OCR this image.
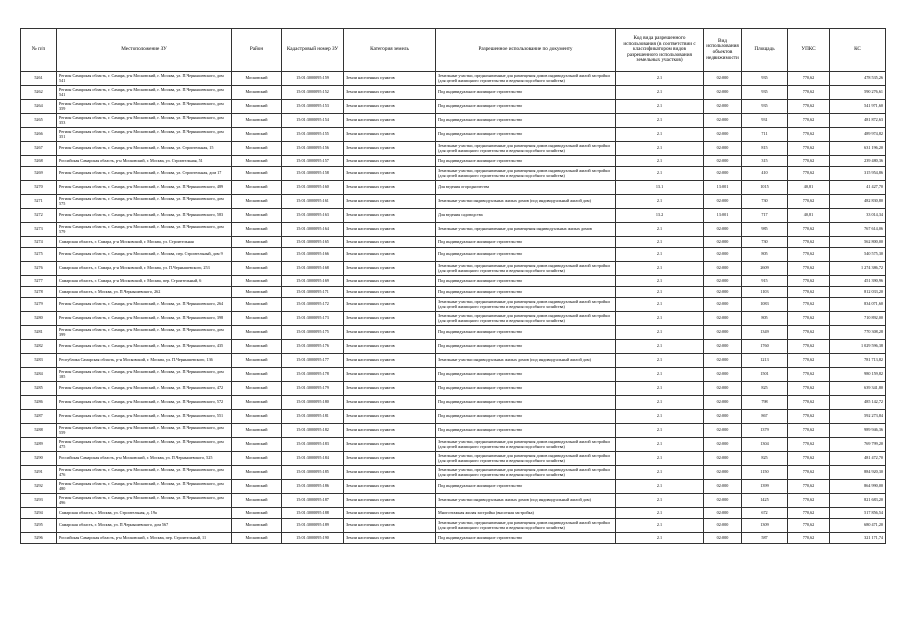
№ п/п	Местоположение ЗУ	Район	Кадастровый номер ЗУ	Категория земель	Разрешенное использование по документу	Код вида разрешенного использования (в соответствии с классификатором видов разрешенного использования земельных участков)	Вид использования объектов недвижимости	Площадь	УПКС	КС
5261	Регион Самарская область, г. Самара, р-н Московский, г. Москва, ул. П.Чернышевского, дом 541	Московский	15:01:3000095:159	Земли населенных пунктов	Земельные участки, предназначенные для размещения домов индивидуальной жилой застройки (для целей жилищного строительства и ведения подсобного хозяйства)	2.1	02:000	935	770,62	478 535,26
5262	Регион Самарская область, г. Самара, р-н Московский, г. Москва, ул. П.Чернышевского, дом 541	Московский	15:01:3000095:152	Земли населенных пунктов	Под индивидуальное жилищное строительство	2.1	02:000	935	770,62	590 276,61
5264	Регион Самарская область, г. Самара, р-н Московский, г. Москва, ул. П.Чернышевского, дом 359	Московский	15:01:3000095:153	Земли населенных пунктов	Под индивидуальное жилищное строительство	2.1	02:000	935	770,62	541 971,60
5265	Регион Самарская область, г. Самара, р-н Московский, г. Москва, ул. П.Чернышевского, дом 353	Московский	15:01:3000095:154	Земли населенных пунктов	Под индивидуальное жилищное строительство	2.1	02:000	931	770,62	481 872,63
5266	Регион Самарская область, г. Самара, р-н Московский, г. Москва, ул. П.Чернышевского, дом 351	Московский	15:01:3000095:155	Земли населенных пунктов	Под индивидуальное жилищное строительство	2.1	02:000	711	770,62	489 974,82
5267	Регион Самарская область, г. Самара, р-н Московский, г. Москва, ул. Строительная, 15	Московский	15:01:3000095:156	Земли населенных пунктов	Земельные участки, предназначенные для размещения домов индивидуальной жилой застройки (для целей жилищного строительства и ведения подсобного хозяйства)	2.1	02:000	815	770,62	631 196,20
5268	Российская Самарская область, р-н Московский, г. Москва, ул. Строительная, 51	Московский	15:01:3000095:157	Земли населенных пунктов	Под индивидуальное жилищное строительство	2.1	02:000	315	770,62	239 480,36
5269	Регион Самарская область, г. Самара, р-н Московский, г. Москва, ул. Строительная, дом 17	Московский	15:01:3000095:158	Земли населенных пунктов	Земельные участки, предназначенные для размещения домов индивидуальной жилой застройки (для целей жилищного строительства и ведения подсобного хозяйства)	2.1	02:000	410	770,62	315 954,86
5270	Регион Самарская область, г. Самара, р-н Московский, г. Москва, ул. П.Чернышевского, 489	Московский	15:01:3000095:160	Земли населенных пунктов	Для ведения огородничества	13.1	13:001	1015	40,81	41 427,70
5271	Регион Самарская область, г. Самара, р-н Московский, г. Москва, ул. П.Чернышевского, дом 575	Московский	15:01:3000095:161	Земли населенных пунктов	Земельные участки индивидуальных жилых домов (под индивидуальный жилой дом)	2.1	02:000	730	770,62	482 830,80
5272	Регион Самарская область, г. Самара, р-н Московский, г. Москва, ул. П.Чернышевского, 583	Московский	15:01:3000095:163	Земли населенных пунктов	Для ведения садоводства	13.2	13:001	717	40,81	33 014,34
5273	Регион Самарская область, г. Самара, р-н Московский, г. Москва, ул. П.Чернышевского, дом 579	Московский	15:01:3000095:164	Земли населенных пунктов	Земельные участки, предназначенные для размещения индивидуальных жилых домов	2.1	02:000	985	770,62	767 614,06
5274	Самарская область, г. Самара, р-н Московский, г. Москва, ул. Строительная	Московский	15:01:3000095:165	Земли населенных пунктов	Под индивидуальное жилищное строительство	2.1	02:000	730	770,62	562 800,00
5275	Регион Самарская область, г. Самара, р-н Московский, г. Москва, пер. Строительный, дом 9	Московский	15:01:3000095:166	Земли населенных пунктов	Под индивидуальное жилищное строительство	2.1	02:000	805	770,62	540 575,30
5276	Самарская область, г. Самара, р-н Московский, г. Москва, ул. П.Чернышевского, 253	Московский	15:01:3000095:168	Земли населенных пунктов	Земельные участки, предназначенные для размещения домов индивидуальной жилой застройки (для целей жилищного строительства и ведения подсобного хозяйства)	2.1	02:000	2609	770,62	1 274 386,72
5277	Самарская область, г. Самара, р-н Московский, г. Москва, пер. Строительный, 6	Московский	15:01:3000095:169	Земли населенных пунктов	Под индивидуальное жилищное строительство	2.1	02:000	915	770,62	451 390,96
5278	Самарская область, г. Москва, ул. П.Чернышевского, 262	Московский	15:01:3000095:171	Земли населенных пунктов	Под индивидуальное жилищное строительство	2.1	02:000	1103	770,62	812 033,20
5279	Регион Самарская область, г. Самара, р-н Московский, г. Москва, ул. П.Чернышевского, 264	Московский	15:01:3000095:172	Земли населенных пунктов	Земельные участки, предназначенные для размещения домов индивидуальной жилой застройки (для целей жилищного строительства и ведения подсобного хозяйства)	2.1	02:000	1083	770,62	834 071,60
5280	Регион Самарская область, г. Самара, р-н Московский, г. Москва, ул. П.Чернышевского, 398	Московский	15:01:3000095:173	Земли населенных пунктов	Земельные участки, предназначенные для размещения домов индивидуальной жилой застройки (для целей жилищного строительства и ведения подсобного хозяйства)	2.1	02:000	805	770,62	710 892,00
5281	Регион Самарская область, г. Самара, р-н Московский, г. Москва, ул. П.Чернышевского, дом 399	Московский	15:01:3000095:175	Земли населенных пунктов	Под индивидуальное жилищное строительство	2.1	02:000	1349	770,62	770 308,28
5282	Регион Самарская область, г. Самара, р-н Московский, г. Москва, ул. П.Чернышевского, 435	Московский	15:01:3000095:176	Земли населенных пунктов	Под индивидуальное жилищное строительство	2.1	02:000	1760	770,62	1 029 596,38
5283	Республика Самарская область, р-н Московский, г. Москва, ул. П.Чернышевского, 136	Московский	15:01:3000095:177	Земли населенных пунктов	Земельные участки индивидуальных жилых домов (под индивидуальный жилой дом)	2.1	02:000	1213	770,62	781 713,82
5284	Регион Самарская область, г. Самара, р-н Московский, г. Москва, ул. П.Чернышевского, дом 185	Московский	15:01:3000095:178	Земли населенных пунктов	Под индивидуальное жилищное строительство	2.1	02:000	1501	770,62	980 159,82
5285	Регион Самарская область, г. Самара, р-н Московский, г. Москва, ул. П.Чернышевского, 472	Московский	15:01:3000095:179	Земли населенных пунктов	Под индивидуальное жилищное строительство	2.1	02:000	825	770,62	639 341,80
5286	Регион Самарская область, г. Самара, р-н Московский, г. Москва, ул. П.Чернышевского, 572	Московский	15:01:3000095:180	Земли населенных пунктов	Под индивидуальное жилищное строительство	2.1	02:000	798	770,62	485 142,72
5287	Регион Самарская область, г. Самара, р-н Московский, г. Москва, ул. П.Чернышевского, 551	Московский	15:01:3000095:181	Земли населенных пунктов	Под индивидуальное жилищное строительство	2.1	02:000	867	770,62	592 273,84
5288	Регион Самарская область, г. Самара, р-н Московский, г. Москва, ул. П.Чернышевского, дом 559	Московский	15:01:3000095:182	Земли населенных пунктов	Под индивидуальное жилищное строительство	2.1	02:000	1379	770,62	989 946,36
5289	Регион Самарская область, г. Самара, р-н Московский, г. Москва, ул. П.Чернышевского, дом 475	Московский	15:01:3000095:183	Земли населенных пунктов	Земельные участки, предназначенные для размещения домов индивидуальной жилой застройки (для целей жилищного строительства и ведения подсобного хозяйства)	2.1	02:000	1304	770,62	769 799,20
5290	Российская Самарская область, р-н Московский, г. Москва, ул. П.Чернышевского, 525	Московский	15:01:3000095:184	Земли населенных пунктов	Земельные участки, предназначенные для размещения домов индивидуальной жилой застройки (для целей жилищного строительства и ведения подсобного хозяйства)	2.1	02:000	825	770,62	481 472,70
5291	Регион Самарская область, г. Самара, р-н Московский, г. Москва, ул. П.Чернышевского, дом 476	Московский	15:01:3000095:185	Земли населенных пунктов	Земельные участки, предназначенные для размещения домов индивидуальной жилой застройки (для целей жилищного строительства и ведения подсобного хозяйства)	2.1	02:000	1150	770,62	884 920,30
5292	Регион Самарская область, г. Самара, р-н Московский, г. Москва, ул. П.Чернышевского, дом 480	Московский	15:01:3000095:186	Земли населенных пунктов	Под индивидуальное жилищное строительство	2.1	02:000	1399	770,62	864 990,00
5293	Регион Самарская область, г. Самара, р-н Московский, г. Москва, ул. П.Чернышевского, дом 496	Московский	15:01:3000095:187	Земли населенных пунктов	Земельные участки индивидуальных жилых домов (под индивидуальный жилой дом)	2.1	02:000	1425	770,62	821 683,20
5294	Самарская область, г. Москва, ул. Строительная, д. 19а	Московский	15:01:3000095:188	Земли населенных пунктов	Многоэтажная жилая застройка (высотная застройка)	2.1	02:000	672	770,62	517 856,54
5295	Самарская область, г. Москва, ул. П.Чернышевского, дом 567	Московский	15:01:3000095:189	Земли населенных пунктов	Земельные участки, предназначенные для размещения домов индивидуальной жилой застройки (для целей жилищного строительства и ведения подсобного хозяйства)	2.1	02:000	1309	770,62	680 471,20
5296	Российская Самарская область, р-н Московский, г. Москва, пер. Строительный, 11	Московский	15:01:3000095:190	Земли населенных пунктов	Под индивидуальное жилищное строительство	2.1	02:000	587	770,62	321 171,74
